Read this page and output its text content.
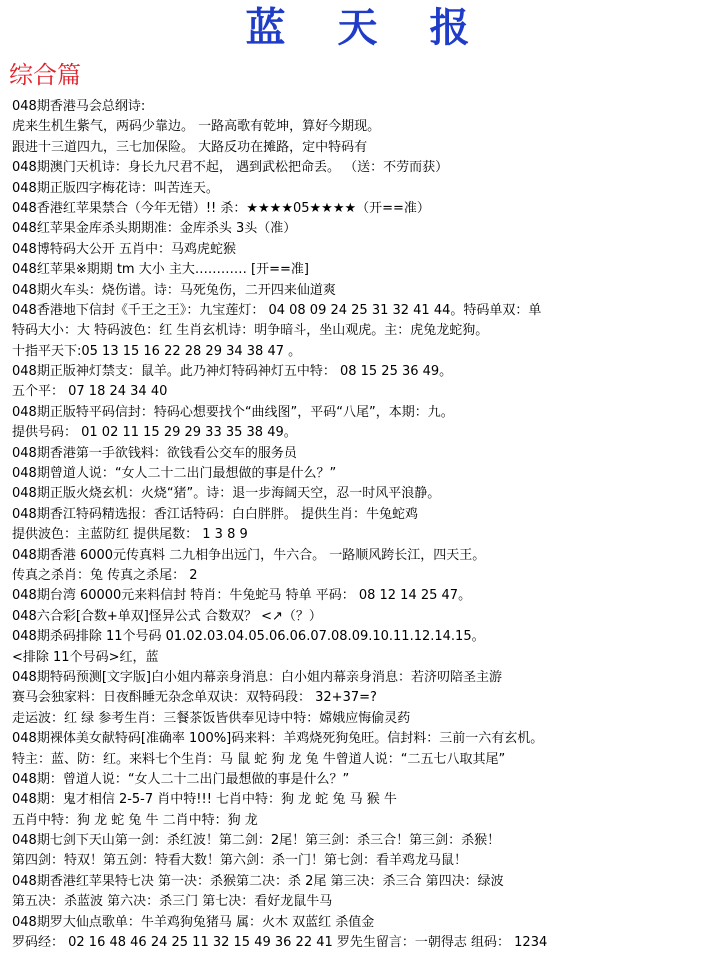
蓝天报
综合篇
048期香港马会总纲诗:
虎来生机生紫气，两码少靠边。 一路高歌有乾坤，算好今期现。
跟进十三道四九，三七加保险。 大路反功在摊路，定中特码有
048期澳门天机诗：身长九尺君不起， 遇到武松把命丢。 （送：不劳而获）
048期正版四字梅花诗：叫苦连天。
048香港红苹果禁合（今年无错）!! 杀：★★★★05★★★★（开==准）
048红苹果金库杀头期期准：金库杀头 3头（准）
048博特码大公开 五肖中：马鸡虎蛇猴
048红苹果※期期 tm 大小 主大………… [开==准]
048期火车头：烧伤谱。诗：马死兔伤，二开四来仙道爽
048香港地下信封《千王之王》：九宝莲灯： 04 08 09 24 25 31 32 41 44。特码单双：单
特码大小：大 特码波色：红 生肖玄机诗：明争暗斗，坐山观虎。主：虎兔龙蛇狗。
十指平天下:05 13 15 16 22 28 29 34 38 47 。
048期正版神灯禁支：鼠羊。此乃神灯特码神灯五中特： 08 15 25 36 49。
五个平： 07 18 24 34 40
048期正版特平码信封：特码心想要找个“曲线图”，平码“八尾”，本期：九。
提供号码： 01 02 11 15 29 29 33 35 38 49。
048期香港第一手欲钱料：欲钱看公交车的服务员
048期曾道人说：“女人二十二出门最想做的事是什么？”
048期正版火烧玄机：火烧“猪”。诗：退一步海阔天空，忍一时风平浪静。
048期香江特码精选报：香江话特码：白白胖胖。 提供生肖：牛兔蛇鸡
提供波色：主蓝防红 提供尾数： 1 3 8 9
048期香港 6000元传真料 二九相争出远门，牛六合。 一路顺风跨长江，四天王。
传真之杀肖：兔 传真之杀尾： 2
048期台湾 60000元来料信封 特肖：牛兔蛇马 特单 平码： 08 12 14 25 47。
048六合彩[合数+单双]怪异公式 合数双？ <↗（？）
048期杀码排除 11个号码 01.02.03.04.05.06.06.07.08.09.10.11.12.14.15。
<排除 11个号码>红，蓝
048期特码预测[文字版]白小姐内幕亲身消息：白小姐内幕亲身消息：若济叨陪圣主游
赛马会独家料：日夜酙睡无杂念单双诀：双特码段： 32+37=?
走运波：红 绿 参考生肖：三餐茶饭皆供奉见诗中特：嫦娥应悔偷灵药
048期裸体美女献特码[准确率 100%]码来料：羊鸡烧死狗兔旺。信封料：三前一六有玄机。
特主：蓝、防：红。来料七个生肖：马 鼠 蛇 狗 龙 兔 牛曾道人说：“二五七八取其尾”
048期：曾道人说：“女人二十二出门最想做的事是什么？”
048期：鬼才相信 2-5-7 肖中特!!! 七肖中特：狗 龙 蛇 兔 马 猴 牛
五肖中特：狗 龙 蛇 兔 牛 二肖中特：狗 龙
048期七剑下天山第一剑：杀红波！第二剑：2尾！第三剑：杀三合！第三剑：杀猴！
第四剑：特双！第五剑：特看大数！第六剑：杀一门！第七剑：看羊鸡龙马鼠！
048期香港红苹果特七决 第一决：杀猴第二决：杀 2尾 第三决：杀三合 第四决：绿波
第五决：杀蓝波 第六决：杀三门 第七决：看好龙鼠牛马
048期罗大仙点歌单：牛羊鸡狗兔猪马 属：火木 双蓝红 杀值金
罗码经： 02 16 48 46 24 25 11 32 15 49 36 22 41 罗先生留言：一朝得志 组码： 1234
